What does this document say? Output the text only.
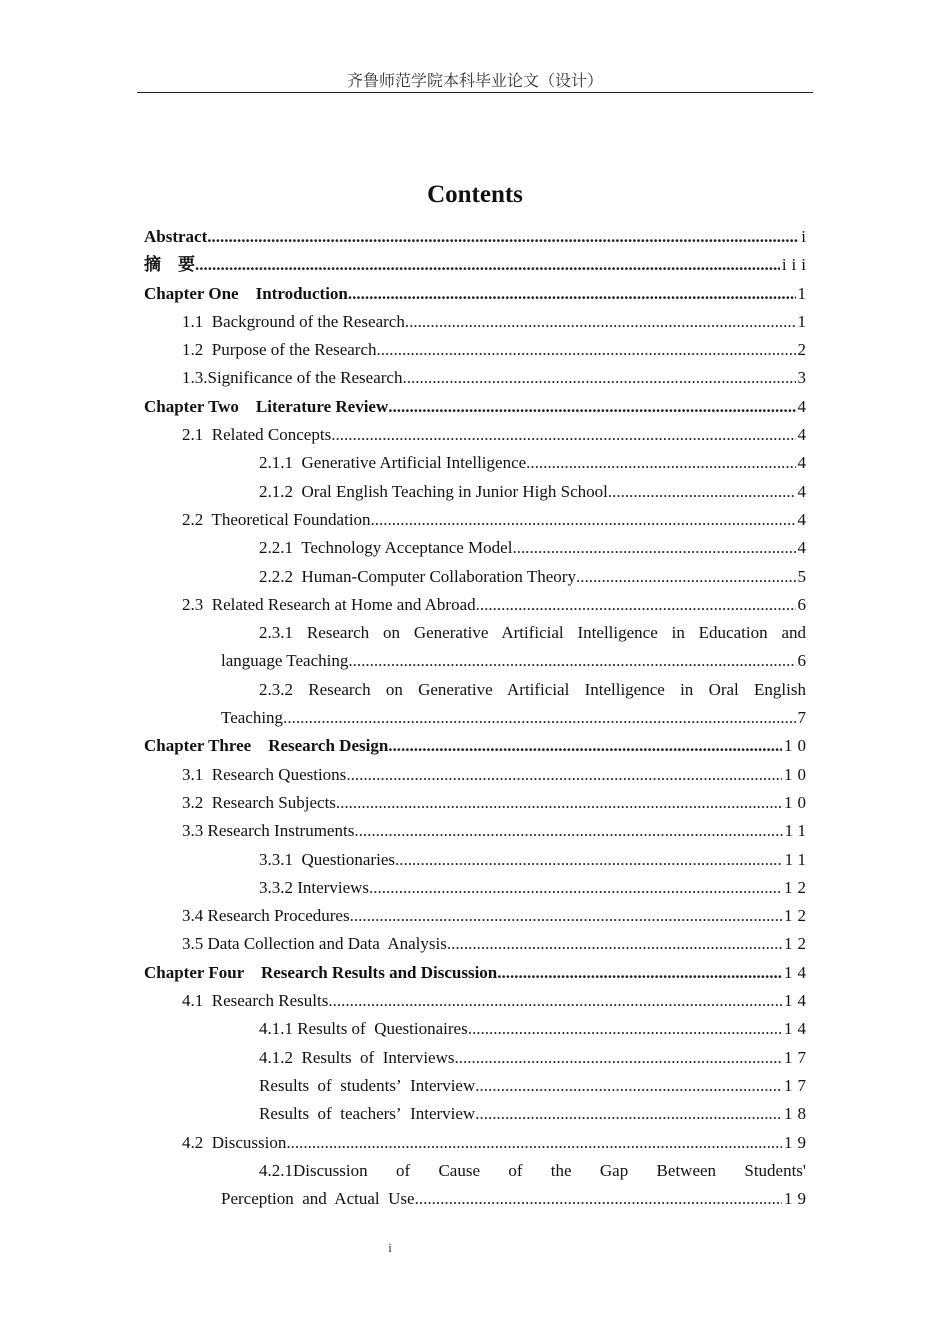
齐鲁师范学院本科毕业论文（设计）
Contents
Abstract .....	i
摘　要 .....	iii
Chapter One　Introduction .....	1
1.1  Background of the Research .....	1
1.2  Purpose of the Research .....	2
1.3.Significance of the Research .....	3
Chapter Two　Literature Review .....	4
2.1  Related Concepts .....	4
2.1.1  Generative Artificial Intelligence .....	4
2.1.2  Oral English Teaching in Junior High School .....	4
2.2  Theoretical Foundation .....	4
2.2.1  Technology Acceptance Model .....	4
2.2.2  Human-Computer Collaboration Theory .....	5
2.3  Related Research at Home and Abroad .....	6
2.3.1 Research on Generative Artificial Intelligence in Education and
language Teaching .....	6
2.3.2 Research on Generative Artificial Intelligence in Oral English
Teaching .....	7
Chapter Three　Research Design .....	10
3.1  Research Questions .....	10
3.2  Research Subjects .....	10
3.3 Research Instruments .....	11
3.3.1  Questionaries .....	11
3.3.2 Interviews .....	12
3.4 Research Procedures .....	12
3.5 Data Collection and Data  Analysis .....	12
Chapter Four　Research Results and Discussion .....	14
4.1  Research Results .....	14
4.1.1 Results of  Questionaires .....	14
4.1.2  Results  of  Interviews .....	17
Results  of  students’  Interview .....	17
Results  of  teachers’  Interview .....	18
4.2  Discussion .....	19
4.2.1Discussion of Cause of the Gap Between Students'
Perception  and  Actual  Use .....	19
i
